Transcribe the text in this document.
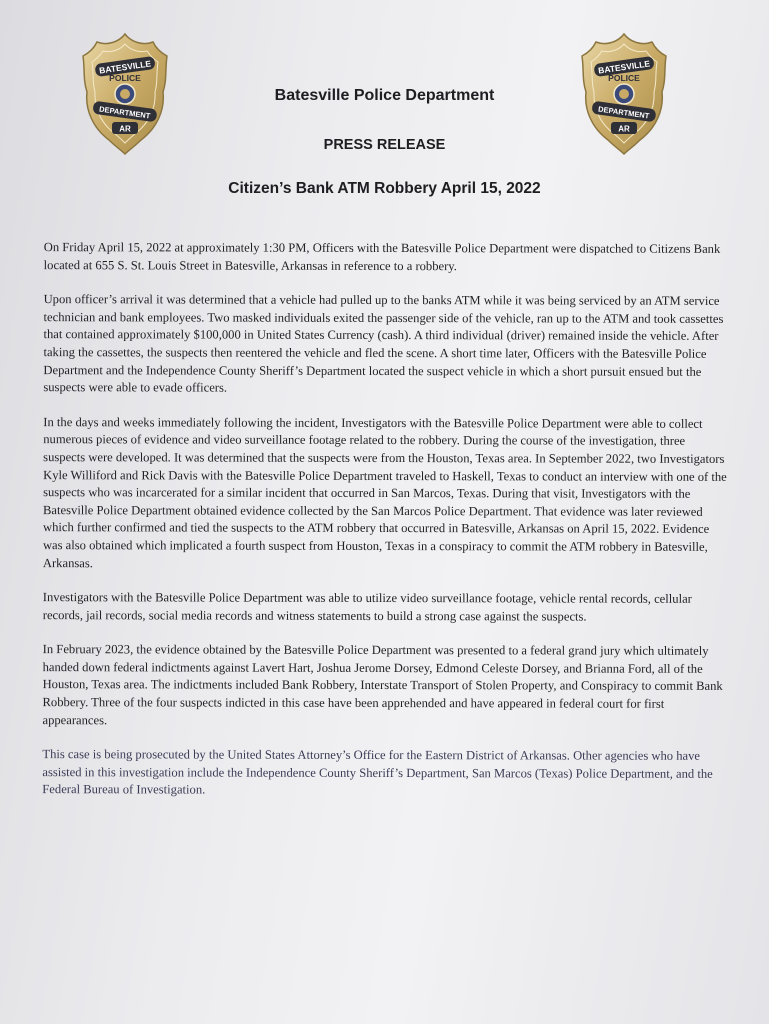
BATESVILLE
POLICE
DEPARTMENT
AR
BATESVILLE
POLICE
DEPARTMENT
AR
Batesville Police Department
PRESS RELEASE
Citizen’s Bank ATM Robbery April 15, 2022

On Friday April 15, 2022 at approximately 1:30 PM, Officers with the Batesville Police Department were dispatched to Citizens Bank located at 655 S. St. Louis Street in Batesville, Arkansas in reference to a robbery.

Upon officer’s arrival it was determined that a vehicle had pulled up to the banks ATM while it was being serviced by an ATM service technician and bank employees. Two masked individuals exited the passenger side of the vehicle, ran up to the ATM and took cassettes that contained approximately $100,000 in United States Currency (cash). A third individual (driver) remained inside the vehicle. After taking the cassettes, the suspects then reentered the vehicle and fled the scene. A short time later, Officers with the Batesville Police Department and the Independence County Sheriff’s Department located the suspect vehicle in which a short pursuit ensued but the suspects were able to evade officers.

In the days and weeks immediately following the incident, Investigators with the Batesville Police Department were able to collect numerous pieces of evidence and video surveillance footage related to the robbery. During the course of the investigation, three suspects were developed. It was determined that the suspects were from the Houston, Texas area. In September 2022, two Investigators Kyle Williford and Rick Davis with the Batesville Police Department traveled to Haskell, Texas to conduct an interview with one of the suspects who was incarcerated for a similar incident that occurred in San Marcos, Texas. During that visit, Investigators with the Batesville Police Department obtained evidence collected by the San Marcos Police Department. That evidence was later reviewed which further confirmed and tied the suspects to the ATM robbery that occurred in Batesville, Arkansas on April 15, 2022. Evidence was also obtained which implicated a fourth suspect from Houston, Texas in a conspiracy to commit the ATM robbery in Batesville, Arkansas.

Investigators with the Batesville Police Department was able to utilize video surveillance footage, vehicle rental records, cellular records, jail records, social media records and witness statements to build a strong case against the suspects.

In February 2023, the evidence obtained by the Batesville Police Department was presented to a federal grand jury which ultimately handed down federal indictments against Lavert Hart, Joshua Jerome Dorsey, Edmond Celeste Dorsey, and Brianna Ford, all of the Houston, Texas area. The indictments included Bank Robbery, Interstate Transport of Stolen Property, and Conspiracy to commit Bank Robbery. Three of the four suspects indicted in this case have been apprehended and have appeared in federal court for first appearances.

This case is being prosecuted by the United States Attorney’s Office for the Eastern District of Arkansas. Other agencies who have assisted in this investigation include the Independence County Sheriff’s Department, San Marcos (Texas) Police Department, and the Federal Bureau of Investigation.
